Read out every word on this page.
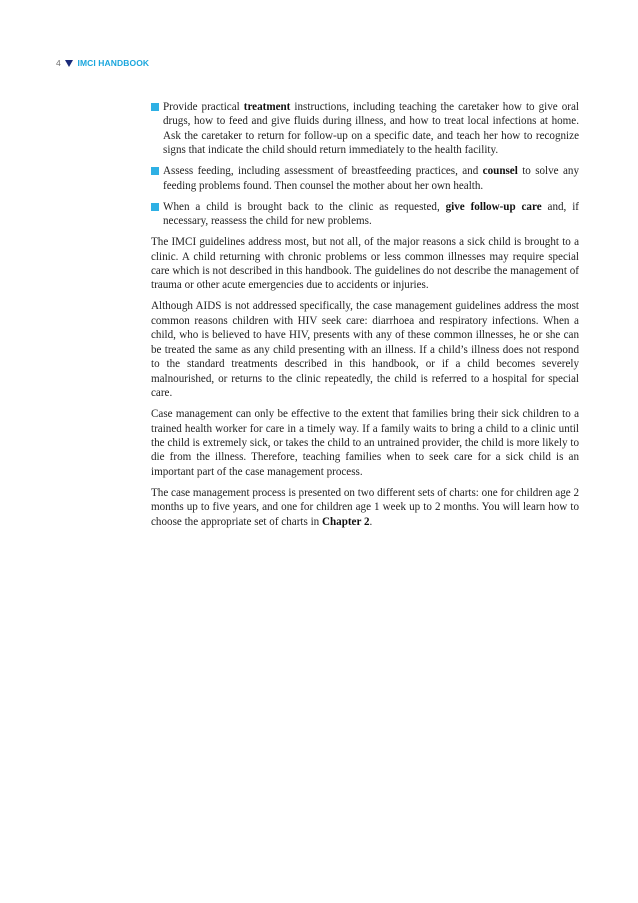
4 IMCI HANDBOOK
Provide practical treatment instructions, including teaching the caretaker how to give oral drugs, how to feed and give fluids during illness, and how to treat local infections at home. Ask the caretaker to return for follow-up on a specific date, and teach her how to recognize signs that indicate the child should return immediately to the health facility.
Assess feeding, including assessment of breastfeeding practices, and counsel to solve any feeding problems found. Then counsel the mother about her own health.
When a child is brought back to the clinic as requested, give follow-up care and, if necessary, reassess the child for new problems.

The IMCI guidelines address most, but not all, of the major reasons a sick child is brought to a clinic. A child returning with chronic problems or less common illnesses may require special care which is not described in this handbook. The guidelines do not describe the management of trauma or other acute emergencies due to accidents or injuries.

Although AIDS is not addressed specifically, the case management guidelines address the most common reasons children with HIV seek care: diarrhoea and respiratory infections. When a child, who is believed to have HIV, presents with any of these common illnesses, he or she can be treated the same as any child presenting with an illness. If a child’s illness does not respond to the standard treatments described in this handbook, or if a child becomes severely malnourished, or returns to the clinic repeatedly, the child is referred to a hospital for special care.

Case management can only be effective to the extent that families bring their sick children to a trained health worker for care in a timely way. If a family waits to bring a child to a clinic until the child is extremely sick, or takes the child to an untrained provider, the child is more likely to die from the illness. Therefore, teaching families when to seek care for a sick child is an important part of the case management process.

The case management process is presented on two different sets of charts: one for children age 2 months up to five years, and one for children age 1 week up to 2 months. You will learn how to choose the appropriate set of charts in Chapter 2.
